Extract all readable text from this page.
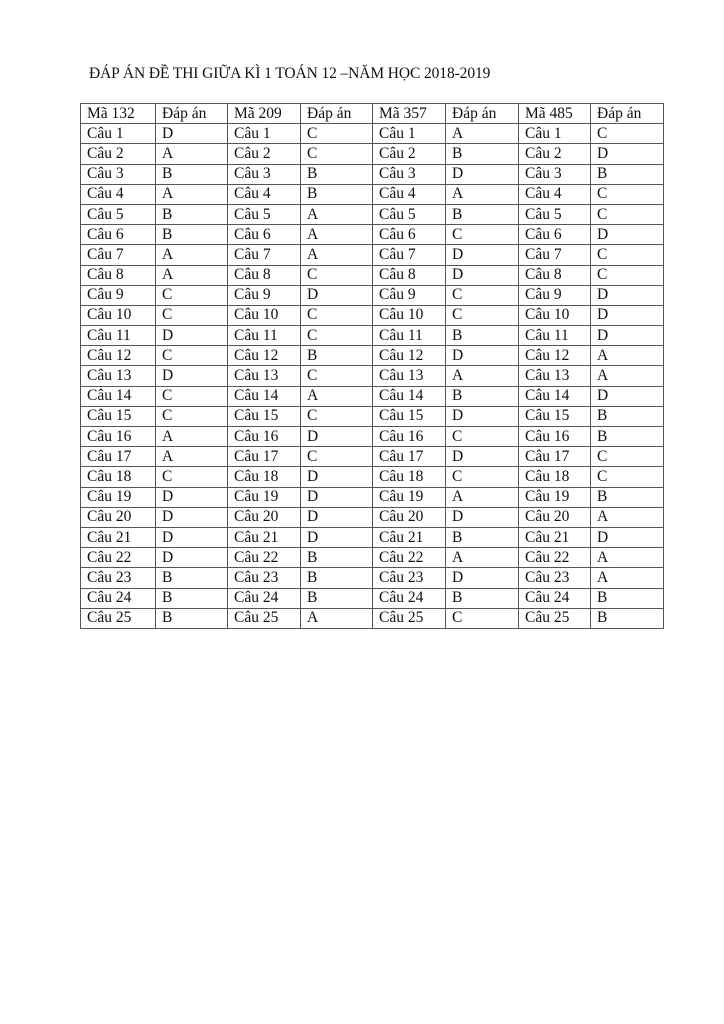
ĐÁP ÁN ĐỀ THI GIỮA KÌ 1 TOÁN 12 –NĂM HỌC 2018-2019
Mã 132	Đáp án	Mã 209	Đáp án	Mã 357	Đáp án	Mã 485	Đáp án
Câu 1	D	Câu 1	C	Câu 1	A	Câu 1	C
Câu 2	A	Câu 2	C	Câu 2	B	Câu 2	D
Câu 3	B	Câu 3	B	Câu 3	D	Câu 3	B
Câu 4	A	Câu 4	B	Câu 4	A	Câu 4	C
Câu 5	B	Câu 5	A	Câu 5	B	Câu 5	C
Câu 6	B	Câu 6	A	Câu 6	C	Câu 6	D
Câu 7	A	Câu 7	A	Câu 7	D	Câu 7	C
Câu 8	A	Câu 8	C	Câu 8	D	Câu 8	C
Câu 9	C	Câu 9	D	Câu 9	C	Câu 9	D
Câu 10	C	Câu 10	C	Câu 10	C	Câu 10	D
Câu 11	D	Câu 11	C	Câu 11	B	Câu 11	D
Câu 12	C	Câu 12	B	Câu 12	D	Câu 12	A
Câu 13	D	Câu 13	C	Câu 13	A	Câu 13	A
Câu 14	C	Câu 14	A	Câu 14	B	Câu 14	D
Câu 15	C	Câu 15	C	Câu 15	D	Câu 15	B
Câu 16	A	Câu 16	D	Câu 16	C	Câu 16	B
Câu 17	A	Câu 17	C	Câu 17	D	Câu 17	C
Câu 18	C	Câu 18	D	Câu 18	C	Câu 18	C
Câu 19	D	Câu 19	D	Câu 19	A	Câu 19	B
Câu 20	D	Câu 20	D	Câu 20	D	Câu 20	A
Câu 21	D	Câu 21	D	Câu 21	B	Câu 21	D
Câu 22	D	Câu 22	B	Câu 22	A	Câu 22	A
Câu 23	B	Câu 23	B	Câu 23	D	Câu 23	A
Câu 24	B	Câu 24	B	Câu 24	B	Câu 24	B
Câu 25	B	Câu 25	A	Câu 25	C	Câu 25	B
